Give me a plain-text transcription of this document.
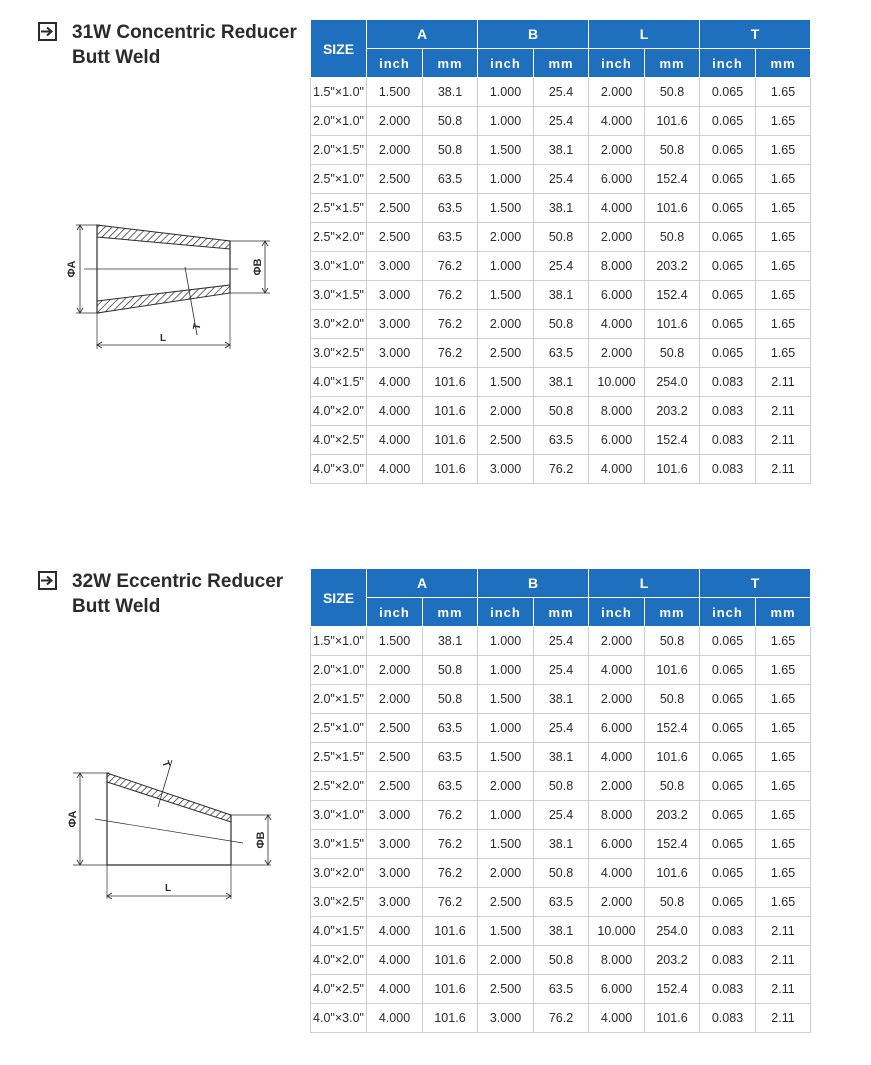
31W Concentric Reducer
Butt Weld
ΦA	ΦB
T
L
SIZE	A		B		L		T	
	inch	mm	inch	mm	inch	mm	inch	mm
1.5"×1.0"	1.500	38.1	1.000	25.4	2.000	50.8	0.065	1.65
2.0"×1.0"	2.000	50.8	1.000	25.4	4.000	101.6	0.065	1.65
2.0"×1.5"	2.000	50.8	1.500	38.1	2.000	50.8	0.065	1.65
2.5"×1.0"	2.500	63.5	1.000	25.4	6.000	152.4	0.065	1.65
2.5"×1.5"	2.500	63.5	1.500	38.1	4.000	101.6	0.065	1.65
2.5"×2.0"	2.500	63.5	2.000	50.8	2.000	50.8	0.065	1.65
3.0"×1.0"	3.000	76.2	1.000	25.4	8.000	203.2	0.065	1.65
3.0"×1.5"	3.000	76.2	1.500	38.1	6.000	152.4	0.065	1.65
3.0"×2.0"	3.000	76.2	2.000	50.8	4.000	101.6	0.065	1.65
3.0"×2.5"	3.000	76.2	2.500	63.5	2.000	50.8	0.065	1.65
4.0"×1.5"	4.000	101.6	1.500	38.1	10.000	254.0	0.083	2.11
4.0"×2.0"	4.000	101.6	2.000	50.8	8.000	203.2	0.083	2.11
4.0"×2.5"	4.000	101.6	2.500	63.5	6.000	152.4	0.083	2.11
4.0"×3.0"	4.000	101.6	3.000	76.2	4.000	101.6	0.083	2.11
32W Eccentric Reducer
Butt Weld
ΦA
ΦB
T
L
SIZE	A		B		L		T	
	inch	mm	inch	mm	inch	mm	inch	mm
1.5"×1.0"	1.500	38.1	1.000	25.4	2.000	50.8	0.065	1.65
2.0"×1.0"	2.000	50.8	1.000	25.4	4.000	101.6	0.065	1.65
2.0"×1.5"	2.000	50.8	1.500	38.1	2.000	50.8	0.065	1.65
2.5"×1.0"	2.500	63.5	1.000	25.4	6.000	152.4	0.065	1.65
2.5"×1.5"	2.500	63.5	1.500	38.1	4.000	101.6	0.065	1.65
2.5"×2.0"	2.500	63.5	2.000	50.8	2.000	50.8	0.065	1.65
3.0"×1.0"	3.000	76.2	1.000	25.4	8.000	203.2	0.065	1.65
3.0"×1.5"	3.000	76.2	1.500	38.1	6.000	152.4	0.065	1.65
3.0"×2.0"	3.000	76.2	2.000	50.8	4.000	101.6	0.065	1.65
3.0"×2.5"	3.000	76.2	2.500	63.5	2.000	50.8	0.065	1.65
4.0"×1.5"	4.000	101.6	1.500	38.1	10.000	254.0	0.083	2.11
4.0"×2.0"	4.000	101.6	2.000	50.8	8.000	203.2	0.083	2.11
4.0"×2.5"	4.000	101.6	2.500	63.5	6.000	152.4	0.083	2.11
4.0"×3.0"	4.000	101.6	3.000	76.2	4.000	101.6	0.083	2.11
